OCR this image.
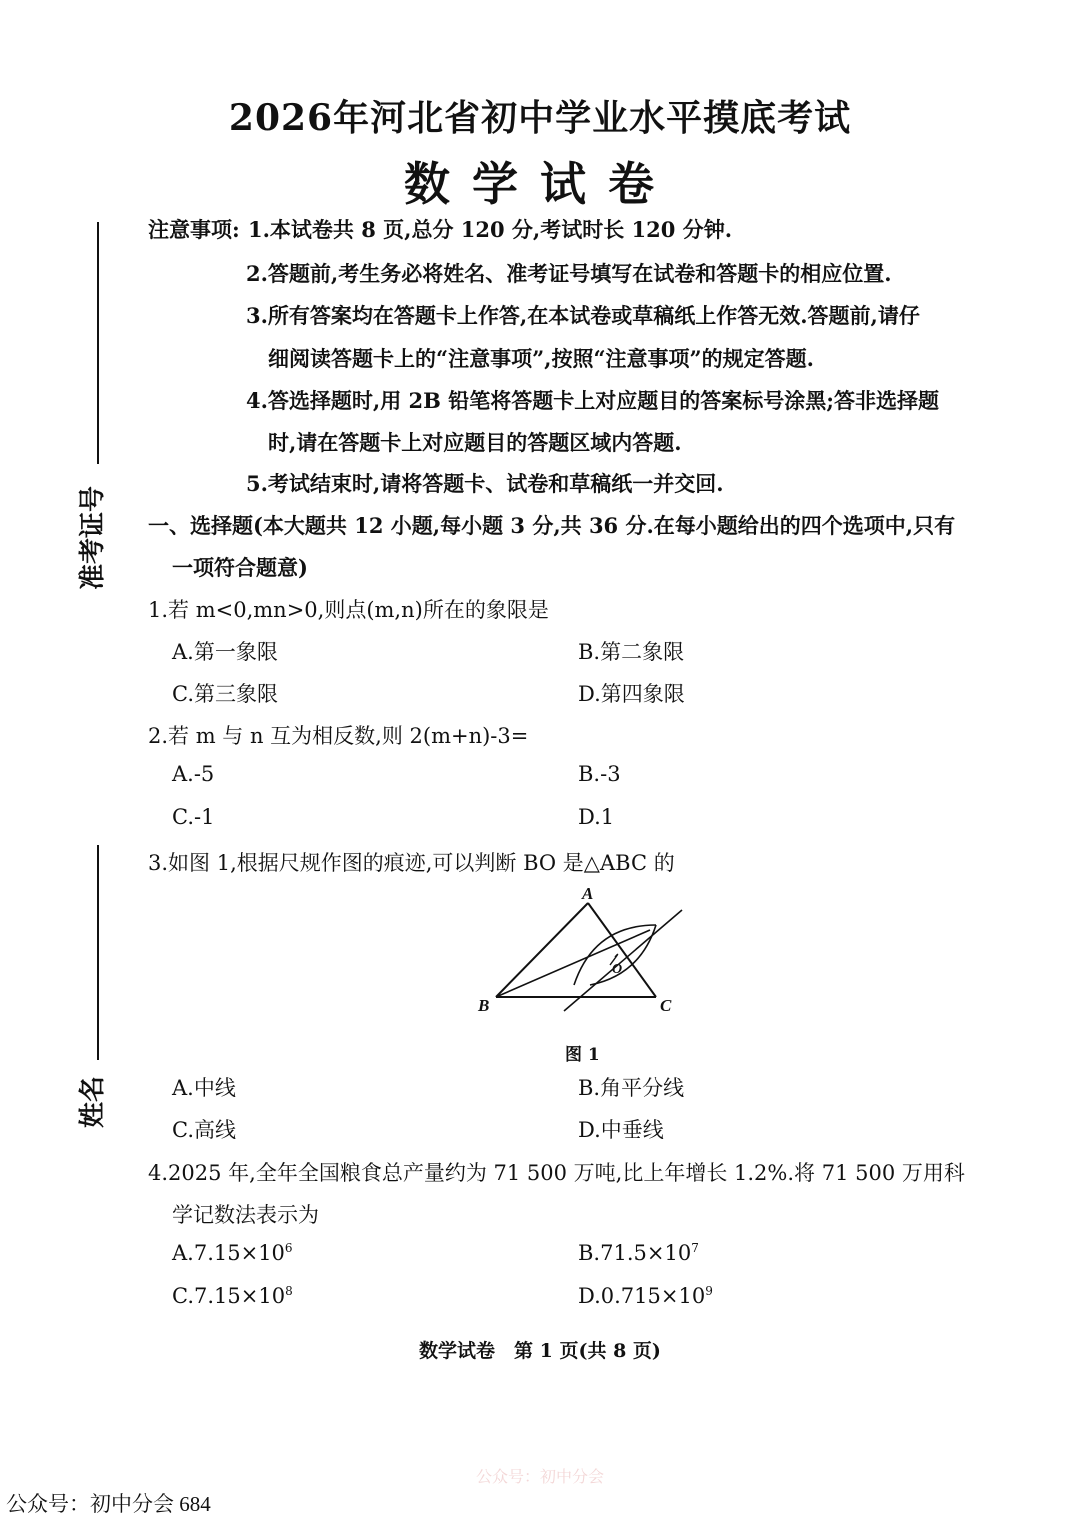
2026年河北省初中学业水平摸底考试
数学试卷
注意事项: 1.本试卷共 8 页,总分 120 分,考试时长 120 分钟.
2.答题前,考生务必将姓名、准考证号填写在试卷和答题卡的相应位置.
3.所有答案均在答题卡上作答,在本试卷或草稿纸上作答无效.答题前,请仔
细阅读答题卡上的“注意事项”,按照“注意事项”的规定答题.
4.答选择题时,用 2B 铅笔将答题卡上对应题目的答案标号涂黑;答非选择题
时,请在答题卡上对应题目的答题区域内答题.
5.考试结束时,请将答题卡、试卷和草稿纸一并交回.
准考证号
姓名
一、选择题(本大题共 12 小题,每小题 3 分,共 36 分.在每小题给出的四个选项中,只有
一项符合题意)
1.若 m<0,mn>0,则点(m,n)所在的象限是
A.第一象限	B.第二象限
C.第三象限	D.第四象限
2.若 m 与 n 互为相反数,则 2(m+n)-3=
A.-5	B.-3
C.-1	D.1
3.如图 1,根据尺规作图的痕迹,可以判断 BO 是△ABC 的
A
B	C
O
图 1
A.中线	B.角平分线
C.高线	D.中垂线
4.2025 年,全年全国粮食总产量约为 71 500 万吨,比上年增长 1.2%.将 71 500 万用科
学记数法表示为
$A.7.15\times 10^6$	$B.71.5\times 10^7$
$C.7.15\times 10^8$	$D.0.715\times 10^9$
数学试卷　第 1 页(共 8 页)
公众号：初中分会
公众号：初中分会 684
